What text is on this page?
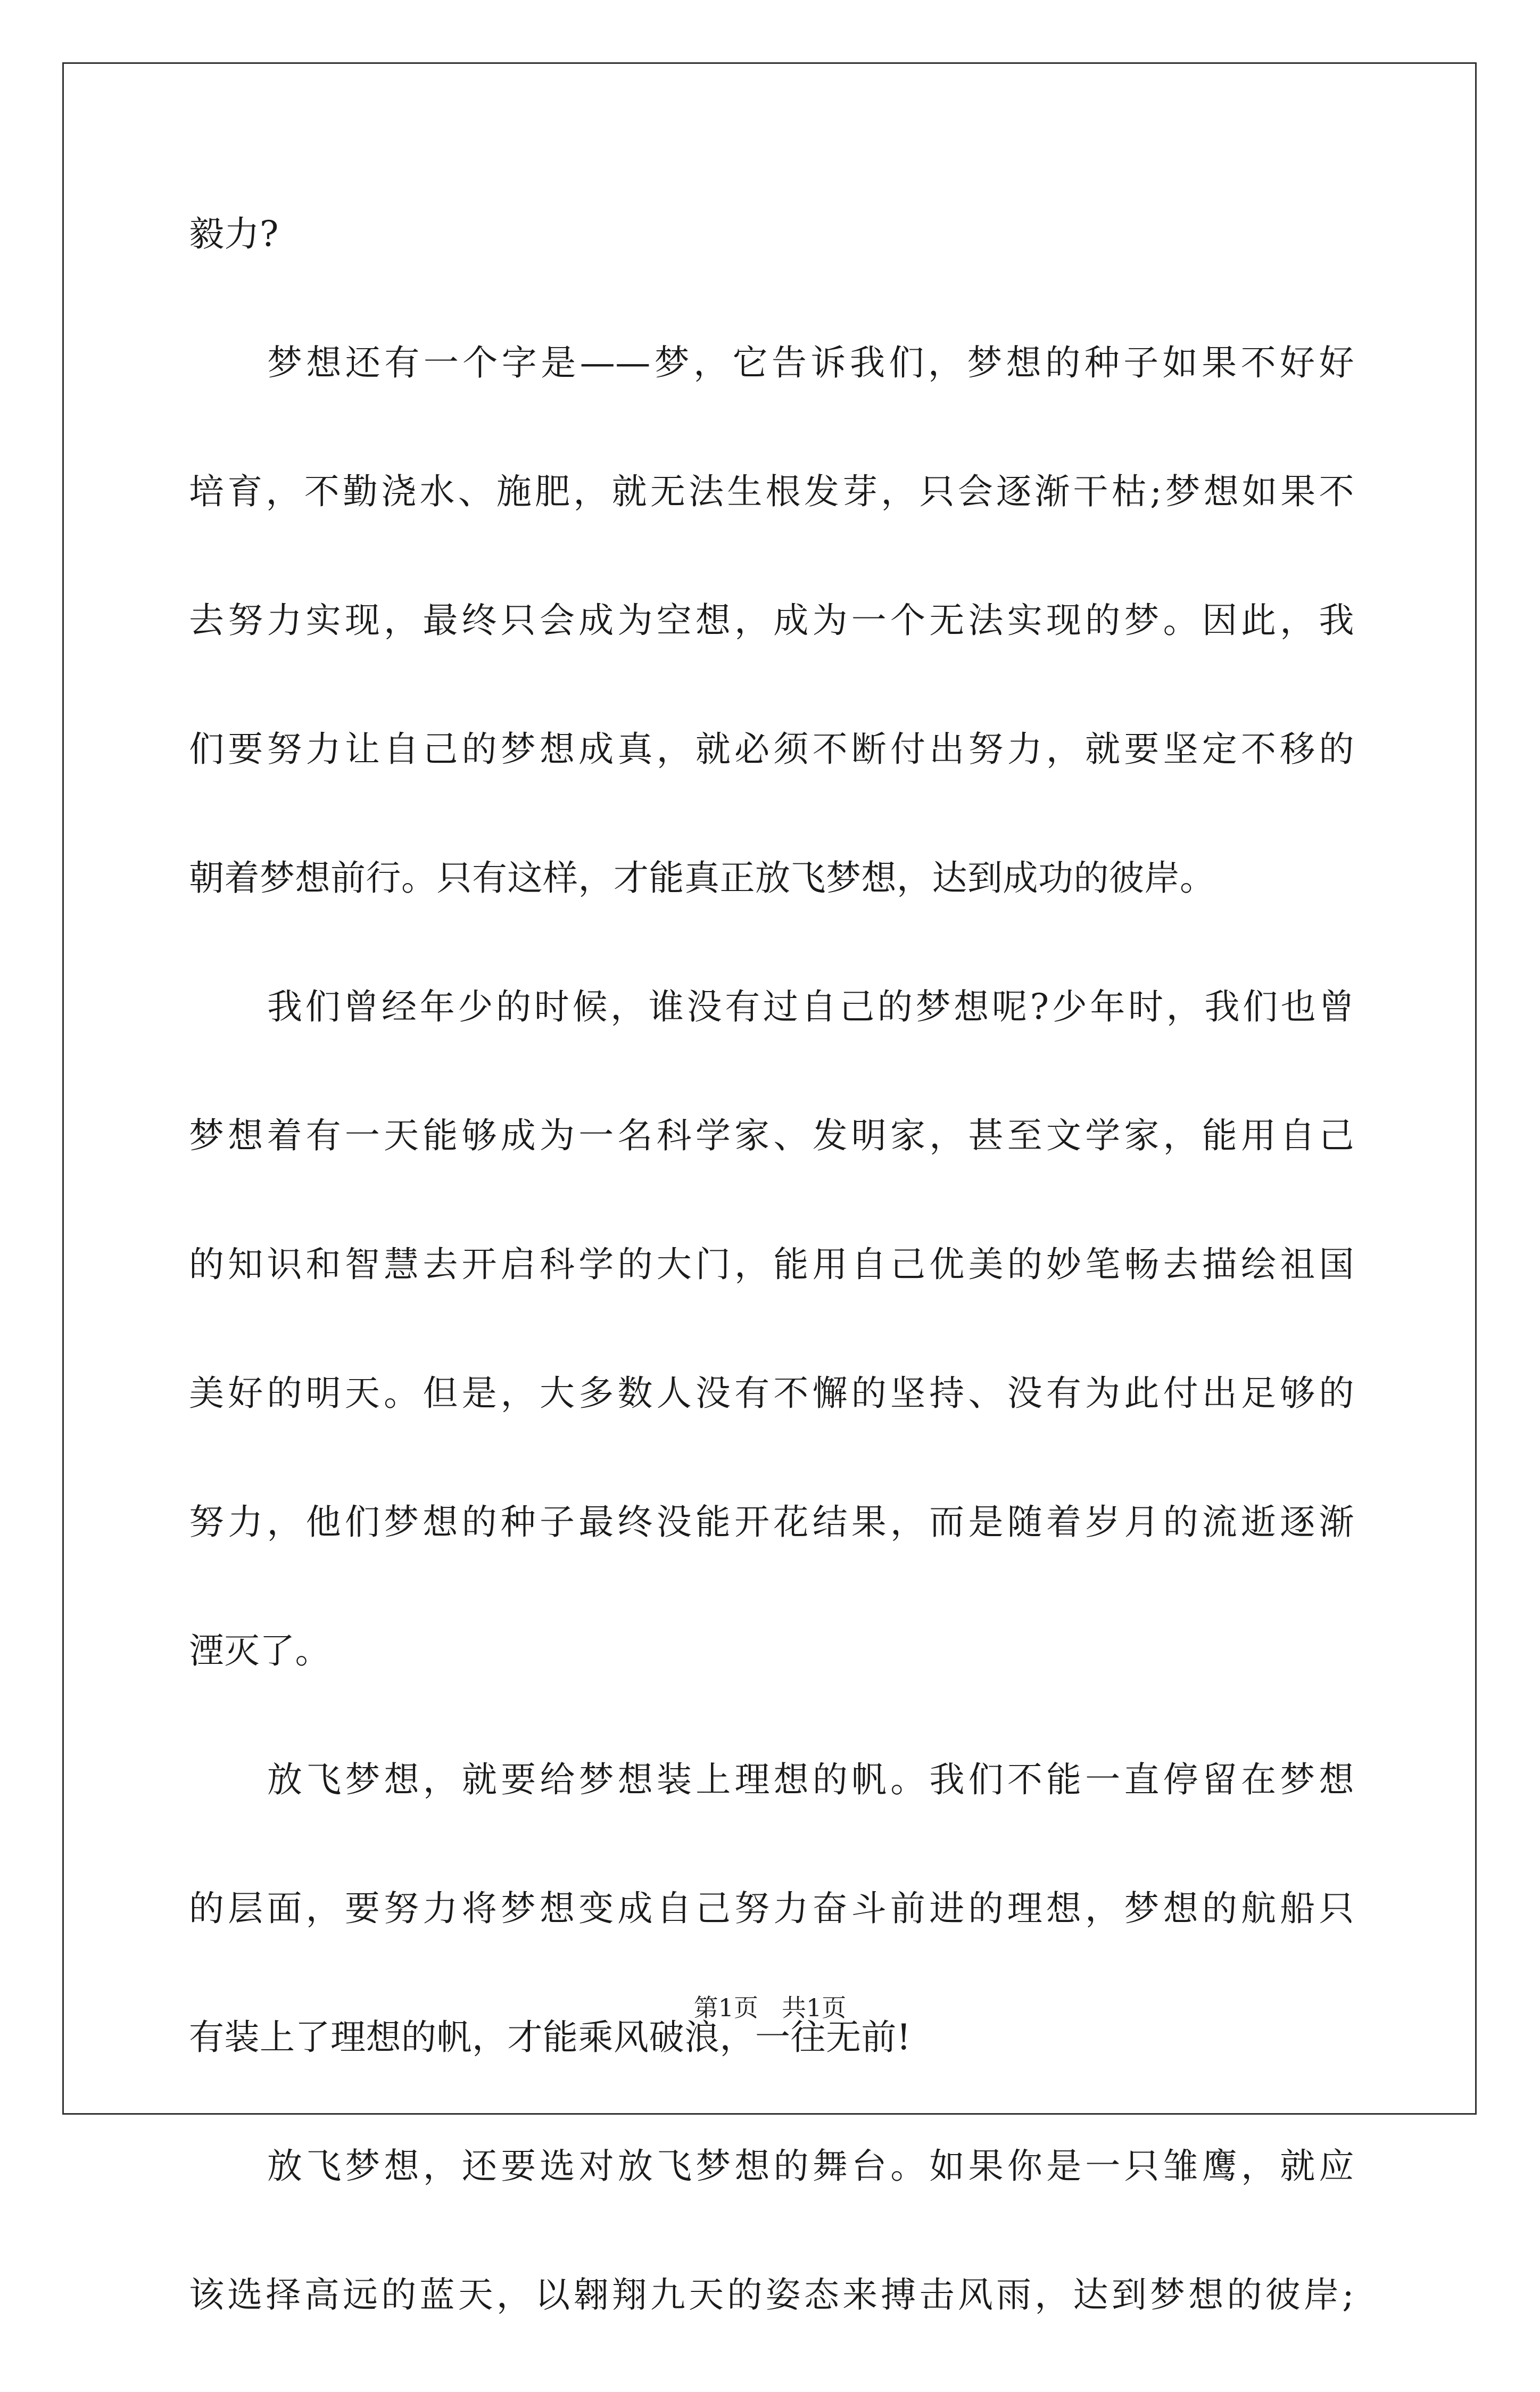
毅力?
梦想还有一个字是——梦，它告诉我们，梦想的种子如果不好好
培育，不勤浇水、施肥，就无法生根发芽，只会逐渐干枯;梦想如果不
去努力实现，最终只会成为空想，成为一个无法实现的梦。因此，我
们要努力让自己的梦想成真，就必须不断付出努力，就要坚定不移的
朝着梦想前行。只有这样，才能真正放飞梦想，达到成功的彼岸。
我们曾经年少的时候，谁没有过自己的梦想呢?少年时，我们也曾
梦想着有一天能够成为一名科学家、发明家，甚至文学家，能用自己
的知识和智慧去开启科学的大门，能用自己优美的妙笔畅去描绘祖国
美好的明天。但是，大多数人没有不懈的坚持、没有为此付出足够的
努力，他们梦想的种子最终没能开花结果，而是随着岁月的流逝逐渐
湮灭了。
放飞梦想，就要给梦想装上理想的帆。我们不能一直停留在梦想
的层面，要努力将梦想变成自己努力奋斗前进的理想，梦想的航船只
有装上了理想的帆，才能乘风破浪，一往无前!
放飞梦想，还要选对放飞梦想的舞台。如果你是一只雏鹰，就应
该选择高远的蓝天，以翱翔九天的姿态来搏击风雨，达到梦想的彼岸;
第1页 共1页
